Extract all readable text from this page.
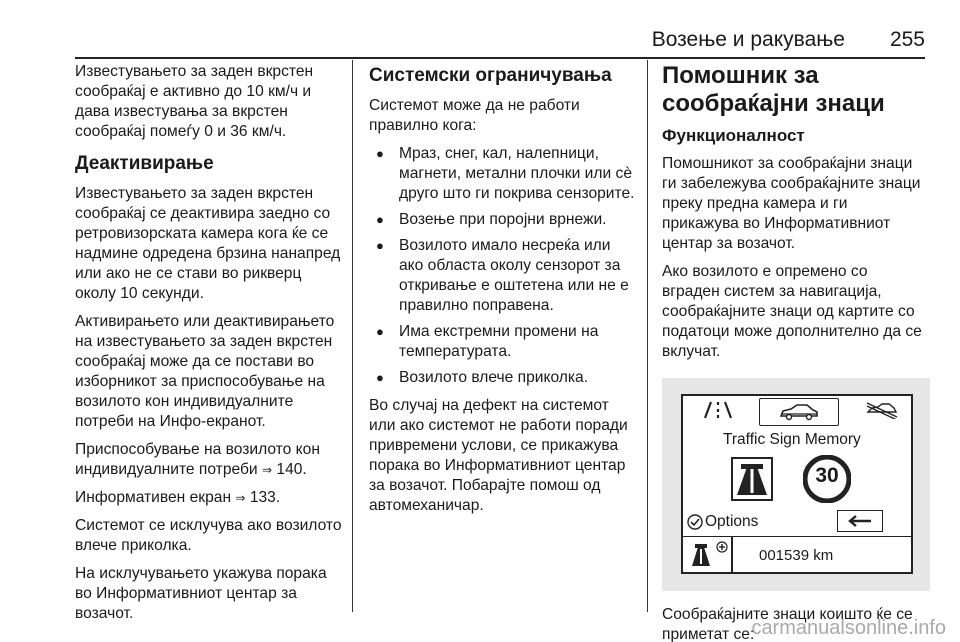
Возење и ракување 255

Известувањето за заден вкрстен сообраќај е активно до 10 км/ч и дава известувања за вкрстен сообраќај помеѓу 0 и 36 км/ч.

Деактивирање

Известувањето за заден вкрстен сообраќај се деактивира заедно со ретровизорската камера кога ќе се надмине одредена брзина нанапред или ако не се стави во рикверц околу 10 секунди.

Активирањето или деактивирањето на известувањето за заден вкрстен сообраќај може да се постави во изборникот за приспособување на возилото кон индивидуалните потреби на Инфо-екранот.

Приспособување на возилото кон индивидуалните потреби ⇒ 140.

Информативен екран ⇒ 133.

Системот се исклучува ако возилото влече приколка.

На исклучувањето укажува порака во Информативниот центар за возачот.

Системски ограничувања

Системот може да не работи правилно кога:

● Мраз, снег, кал, налепници, магнети, метални плочки или сè друго што ги покрива сензорите.
● Возење при поројни врнежи.
● Возилото имало несреќа или ако областа околу сензорот за откривање е оштетена или не е правилно поправена.
● Има екстремни промени на температурата.
● Возилото влече приколка.

Во случај на дефект на системот или ако системот не работи поради привремени услови, се прикажува порака во Информативниот центар за возачот. Побарајте помош од автомеханичар.

Помошник за сообраќајни знаци
Функционалност

Помошникот за сообраќајни знаци ги забележува сообраќајните знаци преку предна камера и ги прикажува во Информативниот центар за возачот.

Ако возилото е опремено со вграден систем за навигација, сообраќајните знаци од картите со податоци може дополнително да се вклучат.

Traffic Sign Memory
30
Options
001539 km

Сообраќајните знаци коишто ќе се приметат се:

carmanualsonline.info
